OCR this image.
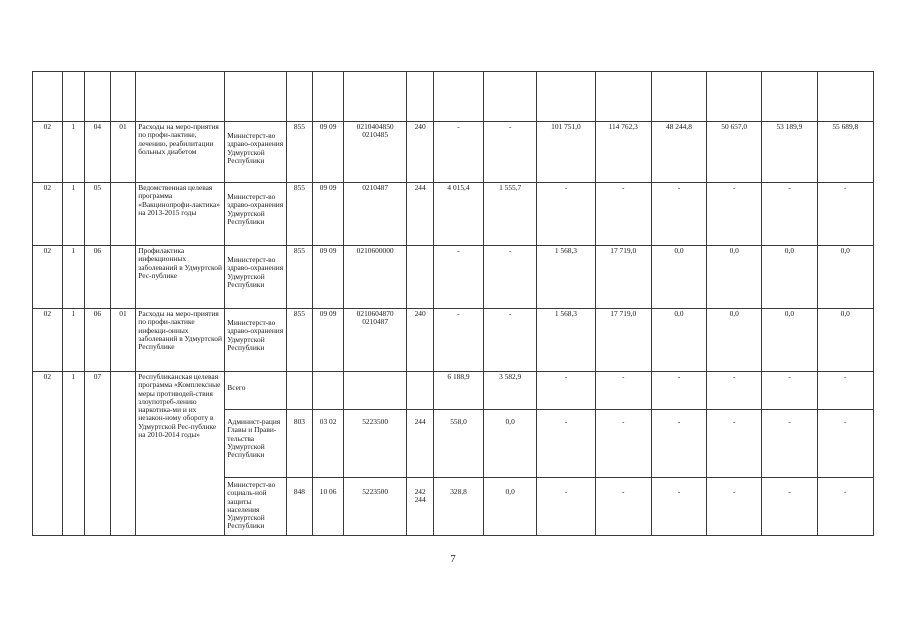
02	1	04	01	Расходы на меро-приятия по профи-лактике, лечению, реабилитации больных диабетом	Министерст-во здраво-охранения Удмуртской Республики	855	09 09	0210404850 0210485	240	-	-	101 751,0	114 762,3	48 244,8	50 657,0	53 189,9	55 689,8
02	1	05		Ведомственная целевая программа «Вакцинопрофи-лактика» на 2013-2015 годы	Министерст-во здраво-охранения Удмуртской Республики	855	09 09	0210487	244	4 015,4	1 555,7	-	-	-	-	-	-
02	1	06		Профилактика инфекционных заболеваний в Удмуртской Рес-публике	Министерст-во здраво-охранения Удмуртской Республики	855	09 09	0210600000		-	-	1 568,3	17 719,0	0,0	0,0	0,0	0,0
02	1	06	01	Расходы на меро-приятия по профи-лактике инфекци-онных заболеваний в Удмуртской Республике	Министерст-во здраво-охранения Удмуртской Республики	855	09 09	0210604870 0210487	240	-	-	1 568,3	17 719,0	0,0	0,0	0,0	0,0
02	1	07		Республиканская целевая программа «Комплексные меры противодей-ствия злоупотреб-лению наркотика-ми и их незакон-ному обороту в Удмуртской Рес-публике на 2010-2014 годы»	Всего					6 188,9	3 582,9	-	-	-	-	-	-
					Админист-рация Главы и Прави-тельства Удмуртской Республики	803	03 02	5223500	244	558,0	0,0	-	-	-	-	-	-
					Министерст-во социаль-ной защиты населения Удмуртской Республики	848	10 06	5223500	242 244	328,8	0,0	-	-	-	-	-	-
7
